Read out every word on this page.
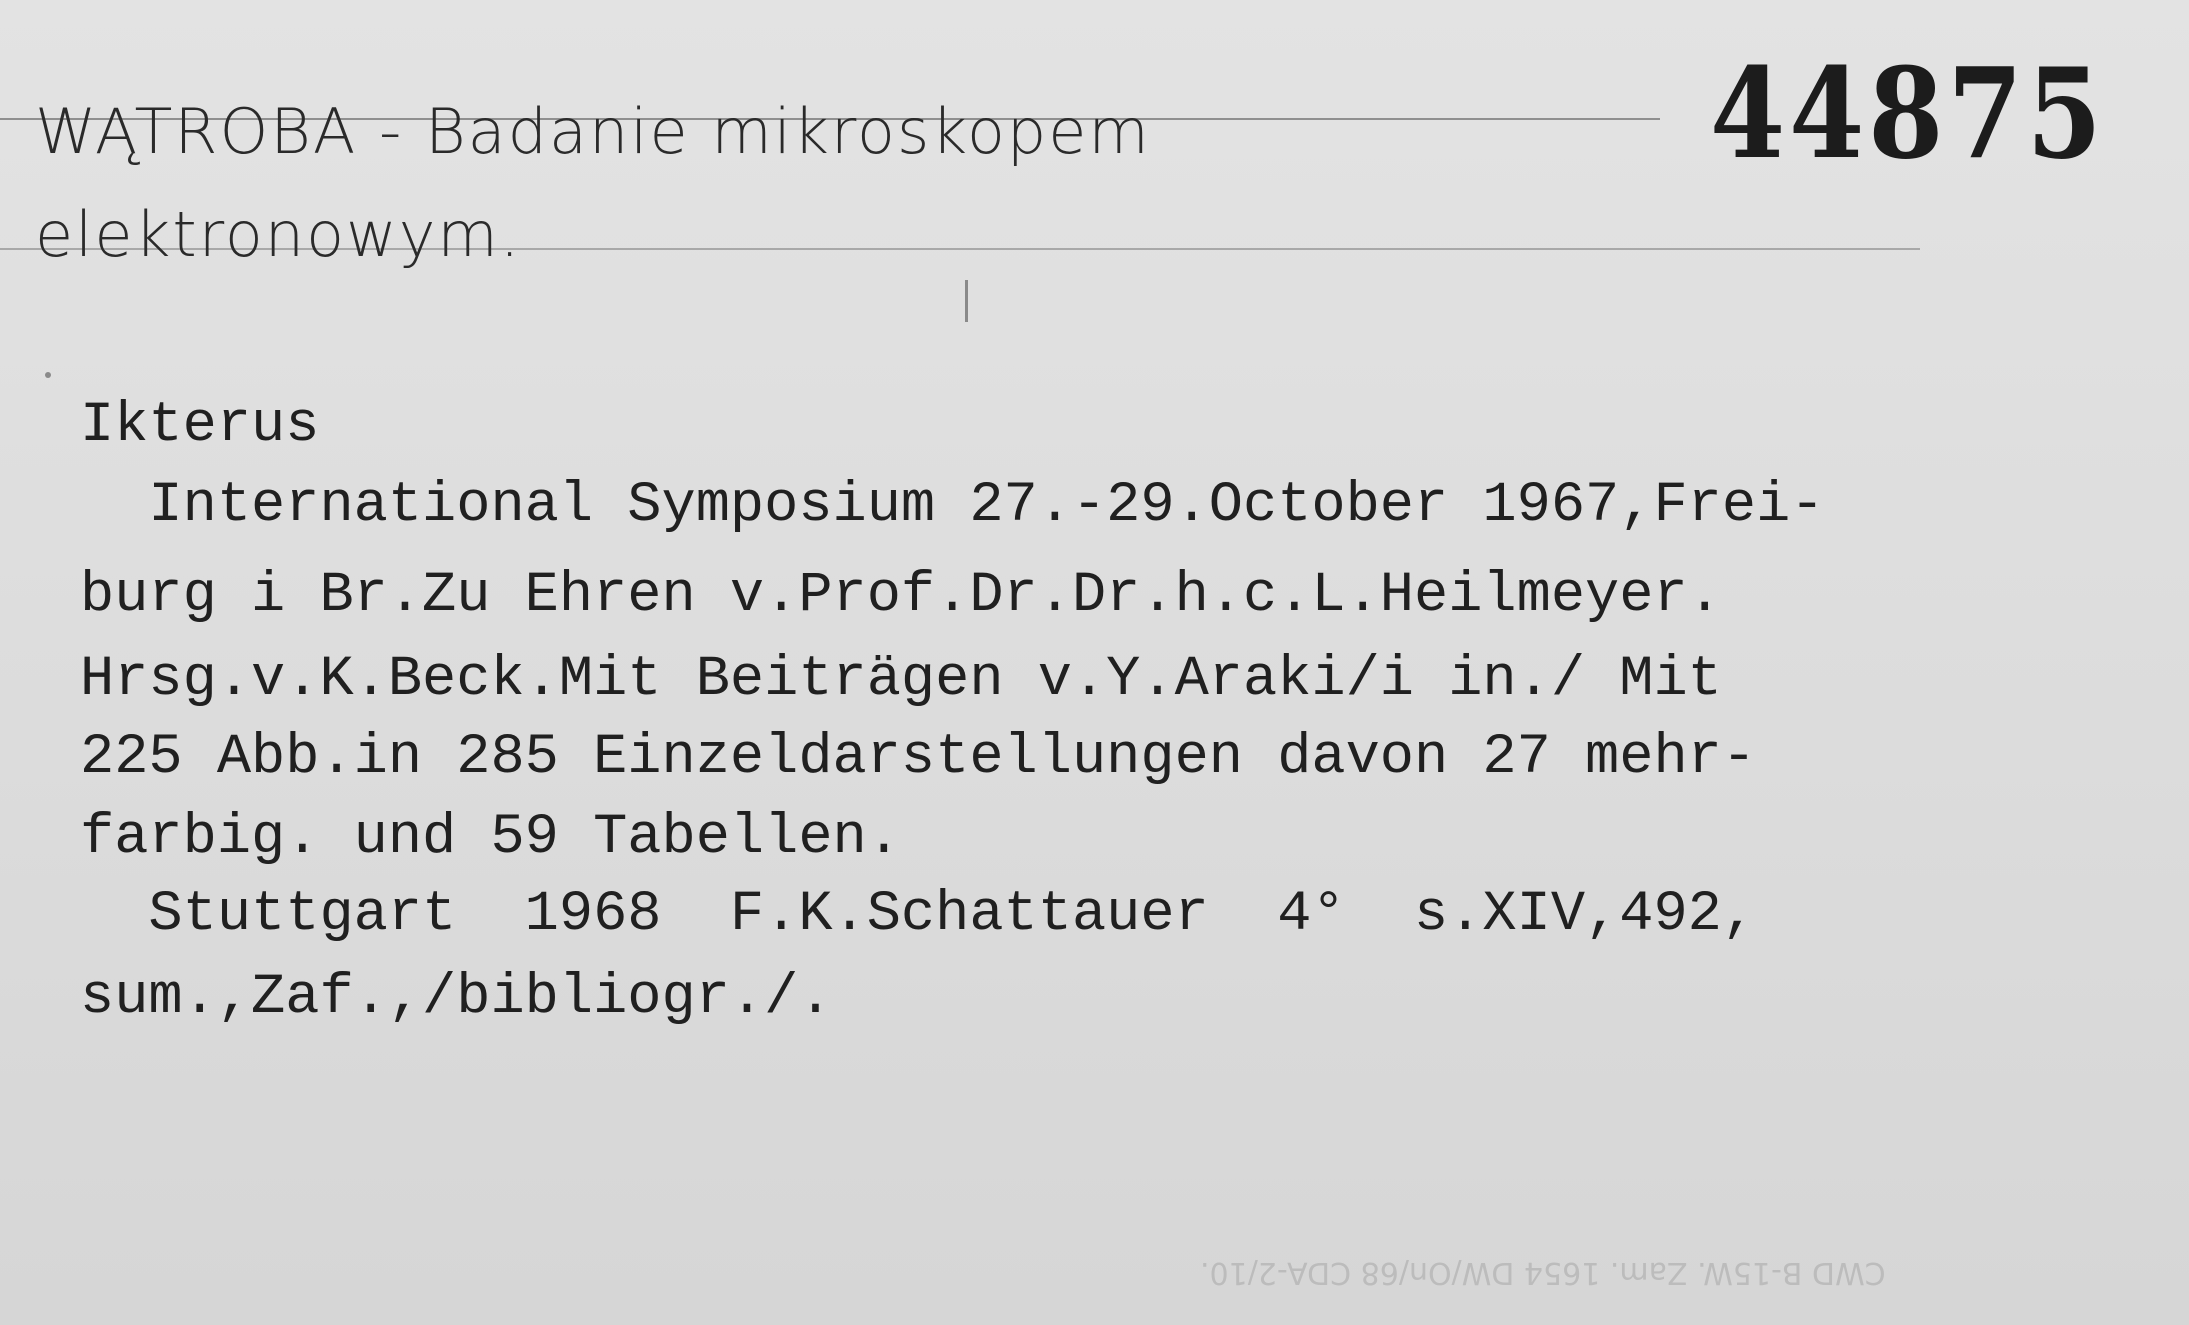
WĄTROBA - Badanie mikroskopem
elektronowym.
44875
Ikterus
International Symposium 27.-29.October 1967,Frei-
burg i Br.Zu Ehren v.Prof.Dr.Dr.h.c.L.Heilmeyer.
Hrsg.v.K.Beck.Mit Beiträgen v.Y.Araki/i in./ Mit
225 Abb.in 285 Einzeldarstellungen davon 27 mehr-
farbig. und 59 Tabellen.
Stuttgart  1968  F.K.Schattauer  4°  s.XIV,492,
sum.,Zaf.,/bibliogr./.
CWD B-15W. Zam. 1654 DW/On/68 CDA-2/10.
